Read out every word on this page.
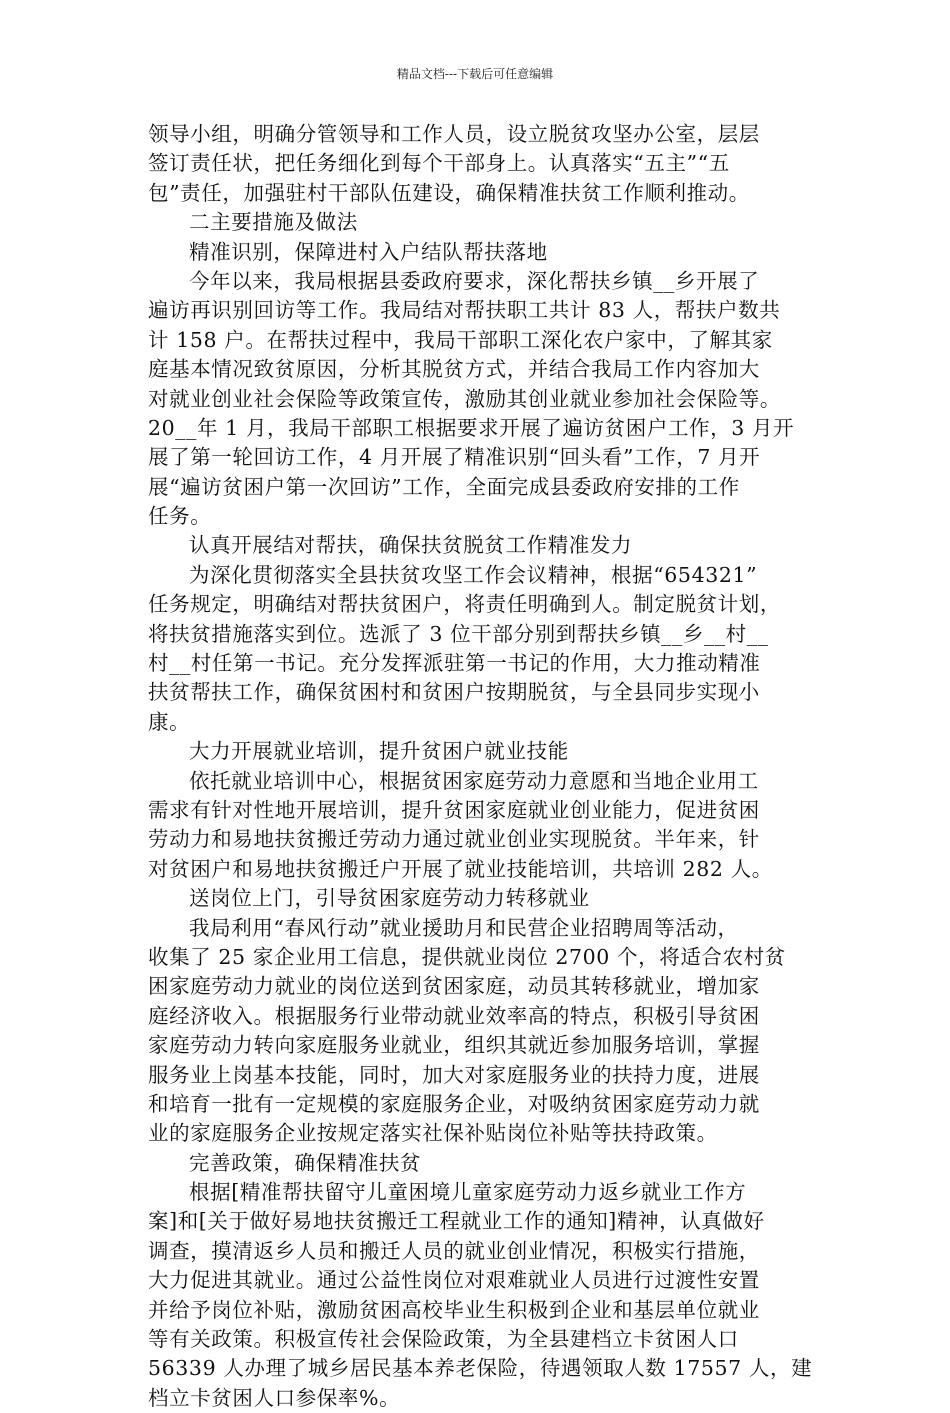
精品文档---下载后可任意编辑
领导小组，明确分管领导和工作人员，设立脱贫攻坚办公室，层层
签订责任状，把任务细化到每个干部身上。认真落实“五主”“五
包”责任，加强驻村干部队伍建设，确保精准扶贫工作顺利推动。
二主要措施及做法
精准识别，保障进村入户结队帮扶落地
今年以来，我局根据县委政府要求，深化帮扶乡镇__乡开展了
遍访再识别回访等工作。我局结对帮扶职工共计 83 人，帮扶户数共
计 158 户。在帮扶过程中，我局干部职工深化农户家中，了解其家
庭基本情况致贫原因，分析其脱贫方式，并结合我局工作内容加大
对就业创业社会保险等政策宣传，激励其创业就业参加社会保险等。
20__年 1 月，我局干部职工根据要求开展了遍访贫困户工作，3 月开
展了第一轮回访工作，4 月开展了精准识别“回头看”工作，7 月开
展“遍访贫困户第一次回访”工作，全面完成县委政府安排的工作
任务。
认真开展结对帮扶，确保扶贫脱贫工作精准发力
为深化贯彻落实全县扶贫攻坚工作会议精神，根据“654321”
任务规定，明确结对帮扶贫困户，将责任明确到人。制定脱贫计划，
将扶贫措施落实到位。选派了 3 位干部分别到帮扶乡镇__乡__村__
村__村任第一书记。充分发挥派驻第一书记的作用，大力推动精准
扶贫帮扶工作，确保贫困村和贫困户按期脱贫，与全县同步实现小
康。
大力开展就业培训，提升贫困户就业技能
依托就业培训中心，根据贫困家庭劳动力意愿和当地企业用工
需求有针对性地开展培训，提升贫困家庭就业创业能力，促进贫困
劳动力和易地扶贫搬迁劳动力通过就业创业实现脱贫。半年来，针
对贫困户和易地扶贫搬迁户开展了就业技能培训，共培训 282 人。
送岗位上门，引导贫困家庭劳动力转移就业
我局利用“春风行动”就业援助月和民营企业招聘周等活动，
收集了 25 家企业用工信息，提供就业岗位 2700 个，将适合农村贫
困家庭劳动力就业的岗位送到贫困家庭，动员其转移就业，增加家
庭经济收入。根据服务行业带动就业效率高的特点，积极引导贫困
家庭劳动力转向家庭服务业就业，组织其就近参加服务培训，掌握
服务业上岗基本技能，同时，加大对家庭服务业的扶持力度，进展
和培育一批有一定规模的家庭服务企业，对吸纳贫困家庭劳动力就
业的家庭服务企业按规定落实社保补贴岗位补贴等扶持政策。
完善政策，确保精准扶贫
根据[精准帮扶留守儿童困境儿童家庭劳动力返乡就业工作方
案]和[关于做好易地扶贫搬迁工程就业工作的通知]精神，认真做好
调查，摸清返乡人员和搬迁人员的就业创业情况，积极实行措施，
大力促进其就业。通过公益性岗位对艰难就业人员进行过渡性安置
并给予岗位补贴，激励贫困高校毕业生积极到企业和基层单位就业
等有关政策。积极宣传社会保险政策，为全县建档立卡贫困人口
56339 人办理了城乡居民基本养老保险，待遇领取人数 17557 人，建
档立卡贫困人口参保率%。
